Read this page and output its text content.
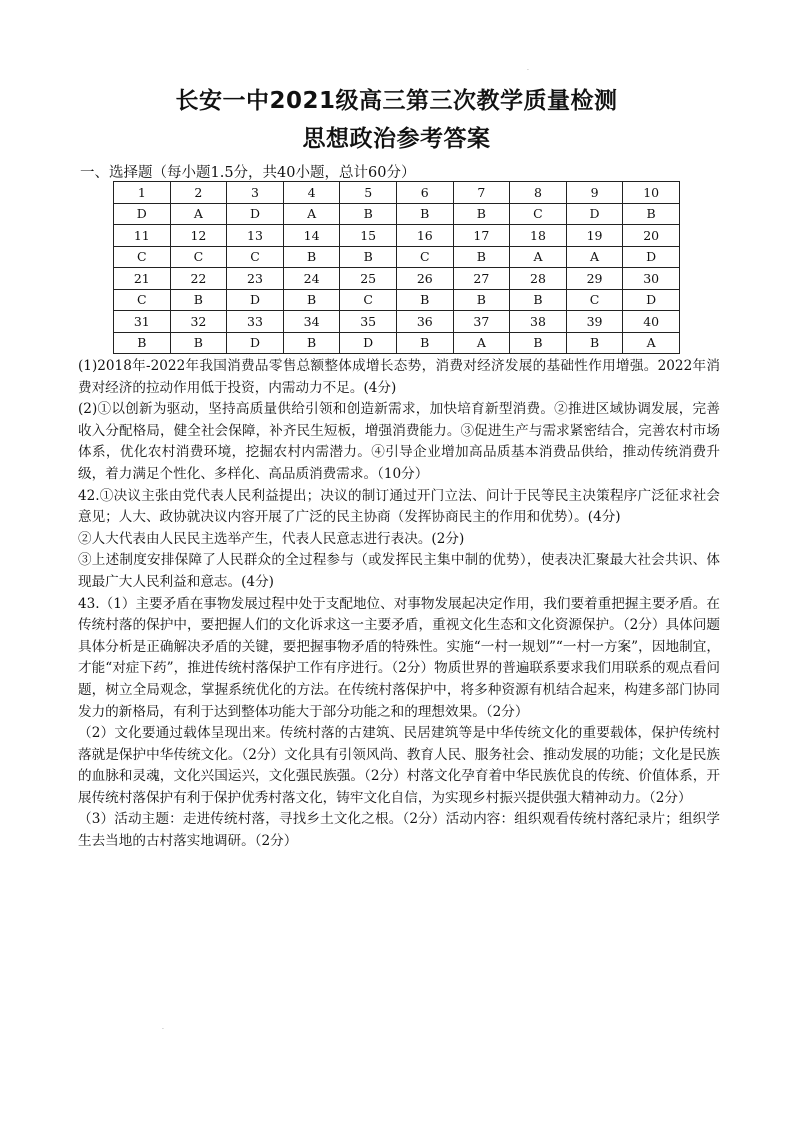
.
长安一中2021级高三第三次教学质量检测
思想政治参考答案

一、选择题（每小题1.5分，共40小题，总计60分）

1	2	3	4	5	6	7	8	9	10
D	A	D	A	B	B	B	C	D	B
11	12	13	14	15	16	17	18	19	20
C	C	C	B	B	C	B	A	A	D
21	22	23	24	25	26	27	28	29	30
C	B	D	B	C	B	B	B	C	D
31	32	33	34	35	36	37	38	39	40
B	B	D	B	D	B	A	B	B	A

(1)2018年-2022年我国消费品零售总额整体成增长态势，消费对经济发展的基础性作用增强。2022年消费对经济的拉动作用低于投资，内需动力不足。(4分)

(2)①以创新为驱动，坚持高质量供给引领和创造新需求，加快培育新型消费。②推进区域协调发展，完善收入分配格局，健全社会保障，补齐民生短板，增强消费能力。③促进生产与需求紧密结合，完善农村市场体系，优化农村消费环境，挖掘农村内需潜力。④引导企业增加高品质基本消费品供给，推动传统消费升级，着力满足个性化、多样化、高品质消费需求。（10分）

42.①决议主张由党代表人民利益提出；决议的制订通过开门立法、问计于民等民主决策程序广泛征求社会意见；人大、政协就决议内容开展了广泛的民主协商（发挥协商民主的作用和优势）。(4分)

②人大代表由人民民主选举产生，代表人民意志进行表决。(2分)

③上述制度安排保障了人民群众的全过程参与（或发挥民主集中制的优势），使表决汇聚最大社会共识、体现最广大人民利益和意志。(4分)

43.（1）主要矛盾在事物发展过程中处于支配地位、对事物发展起决定作用，我们要着重把握主要矛盾。在传统村落的保护中，要把握人们的文化诉求这一主要矛盾，重视文化生态和文化资源保护。（2分）具体问题具体分析是正确解决矛盾的关键，要把握事物矛盾的特殊性。实施“一村一规划”“一村一方案”，因地制宜，才能“对症下药”，推进传统村落保护工作有序进行。（2分）物质世界的普遍联系要求我们用联系的观点看问题，树立全局观念，掌握系统优化的方法。在传统村落保护中，将多种资源有机结合起来，构建多部门协同发力的新格局，有利于达到整体功能大于部分功能之和的理想效果。（2分）

（2）文化要通过载体呈现出来。传统村落的古建筑、民居建筑等是中华传统文化的重要载体，保护传统村落就是保护中华传统文化。（2分）文化具有引领风尚、教育人民、服务社会、推动发展的功能；文化是民族的血脉和灵魂，文化兴国运兴，文化强民族强。（2分）村落文化孕育着中华民族优良的传统、价值体系，开展传统村落保护有利于保护优秀村落文化，铸牢文化自信，为实现乡村振兴提供强大精神动力。（2分）

（3）活动主题：走进传统村落，寻找乡土文化之根。（2分）活动内容：组织观看传统村落纪录片；组织学生去当地的古村落实地调研。（2分）

.
